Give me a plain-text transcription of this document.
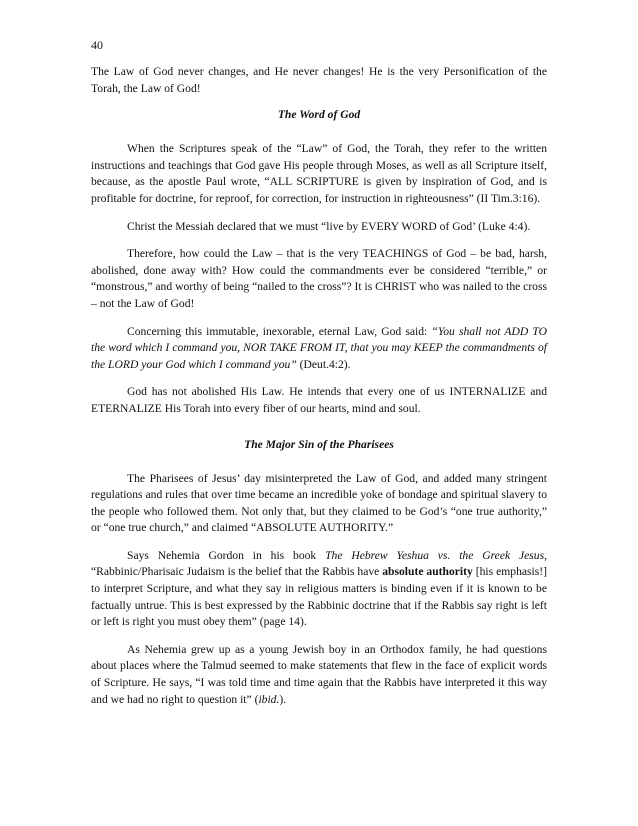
40

The Law of God never changes, and He never changes! He is the very Personification of the Torah, the Law of God!

The Word of God

When the Scriptures speak of the “Law” of God, the Torah, they refer to the written instructions and teachings that God gave His people through Moses, as well as all Scripture itself, because, as the apostle Paul wrote, “ALL SCRIPTURE is given by inspiration of God, and is profitable for doctrine, for reproof, for correction, for instruction in righteousness” (II Tim.3:16).

Christ the Messiah declared that we must “live by EVERY WORD of God’ (Luke 4:4).

Therefore, how could the Law – that is the very TEACHINGS of God – be bad, harsh, abolished, done away with? How could the commandments ever be considered “terrible,” or “monstrous,” and worthy of being “nailed to the cross”? It is CHRIST who was nailed to the cross – not the Law of God!

Concerning this immutable, inexorable, eternal Law, God said: “You shall not ADD TO the word which I command you, NOR TAKE FROM IT, that you may KEEP the commandments of the LORD your God which I command you” (Deut.4:2).

God has not abolished His Law. He intends that every one of us INTERNALIZE and ETERNALIZE His Torah into every fiber of our hearts, mind and soul.

The Major Sin of the Pharisees

The Pharisees of Jesus’ day misinterpreted the Law of God, and added many stringent regulations and rules that over time became an incredible yoke of bondage and spiritual slavery to the people who followed them. Not only that, but they claimed to be God’s “one true authority,” or “one true church,” and claimed “ABSOLUTE AUTHORITY.”

Says Nehemia Gordon in his book The Hebrew Yeshua vs. the Greek Jesus, “Rabbinic/Pharisaic Judaism is the belief that the Rabbis have absolute authority [his emphasis!] to interpret Scripture, and what they say in religious matters is binding even if it is known to be factually untrue. This is best expressed by the Rabbinic doctrine that if the Rabbis say right is left or left is right you must obey them” (page 14).

As Nehemia grew up as a young Jewish boy in an Orthodox family, he had questions about places where the Talmud seemed to make statements that flew in the face of explicit words of Scripture. He says, “I was told time and time again that the Rabbis have interpreted it this way and we had no right to question it” (ibid.).
